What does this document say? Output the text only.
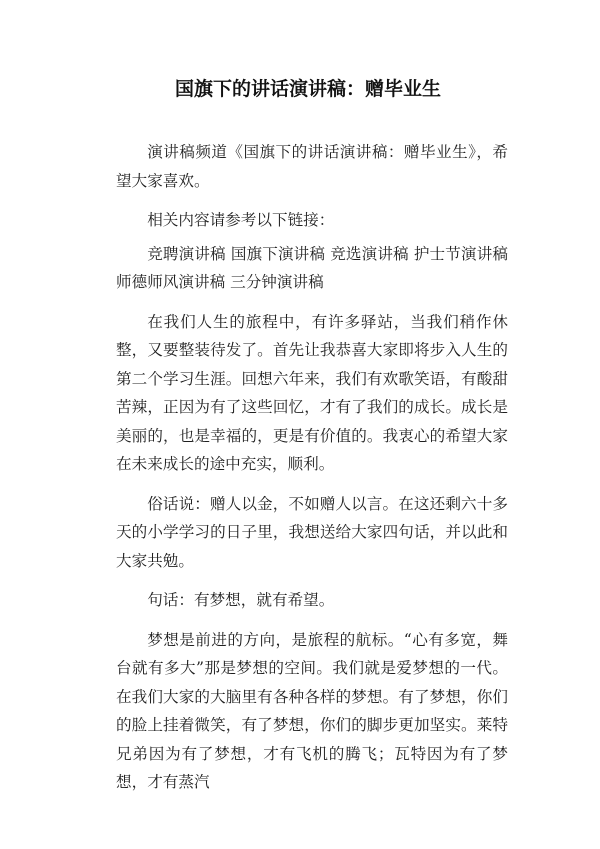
国旗下的讲话演讲稿：赠毕业生

演讲稿频道《国旗下的讲话演讲稿：赠毕业生》，希望大家喜欢。

相关内容请参考以下链接：

竞聘演讲稿 国旗下演讲稿 竞选演讲稿 护士节演讲稿 师德师风演讲稿 三分钟演讲稿

在我们人生的旅程中，有许多驿站，当我们稍作休整，又要整装待发了。首先让我恭喜大家即将步入人生的第二个学习生涯。回想六年来，我们有欢歌笑语，有酸甜苦辣，正因为有了这些回忆，才有了我们的成长。成长是美丽的，也是幸福的，更是有价值的。我衷心的希望大家在未来成长的途中充实，顺利。

俗话说：赠人以金，不如赠人以言。在这还剩六十多天的小学学习的日子里，我想送给大家四句话，并以此和大家共勉。

句话：有梦想，就有希望。

梦想是前进的方向，是旅程的航标。“心有多宽，舞台就有多大”那是梦想的空间。我们就是爱梦想的一代。在我们大家的大脑里有各种各样的梦想。有了梦想，你们的脸上挂着微笑，有了梦想，你们的脚步更加坚实。莱特兄弟因为有了梦想，才有飞机的腾飞；瓦特因为有了梦想，才有蒸汽
